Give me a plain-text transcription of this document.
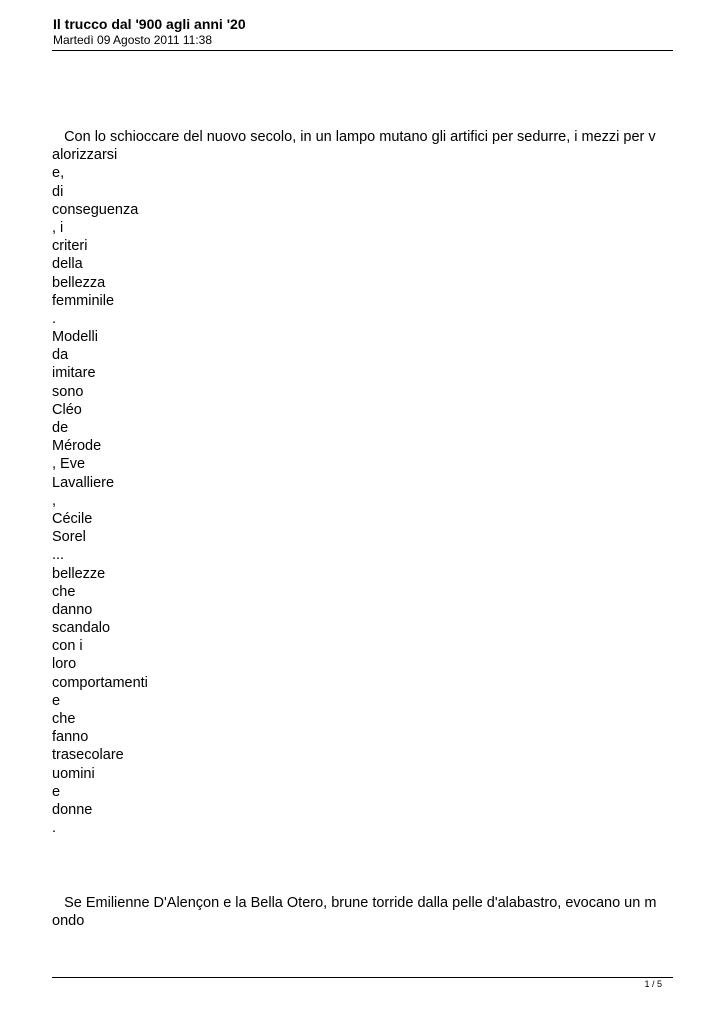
Il trucco dal '900 agli anni '20
Martedì 09 Agosto 2011 11:38
Con lo schioccare del nuovo secolo, in un lampo mutano gli artifici per sedurre, i mezzi per v
alorizzarsi
e,
di
conseguenza
, i
criteri
della
bellezza
femminile
.
Modelli
da
imitare
sono
Cléo
de
Mérode
, Eve
Lavalliere
,
Cécile
Sorel
...
bellezze
che
danno
scandalo
con i
loro
comportamenti
e
che
fanno
trasecolare
uomini
e
donne
.
Se Emilienne D'Alençon e la Bella Otero, brune torride dalla pelle d'alabastro, evocano un m
ondo
1 / 5
